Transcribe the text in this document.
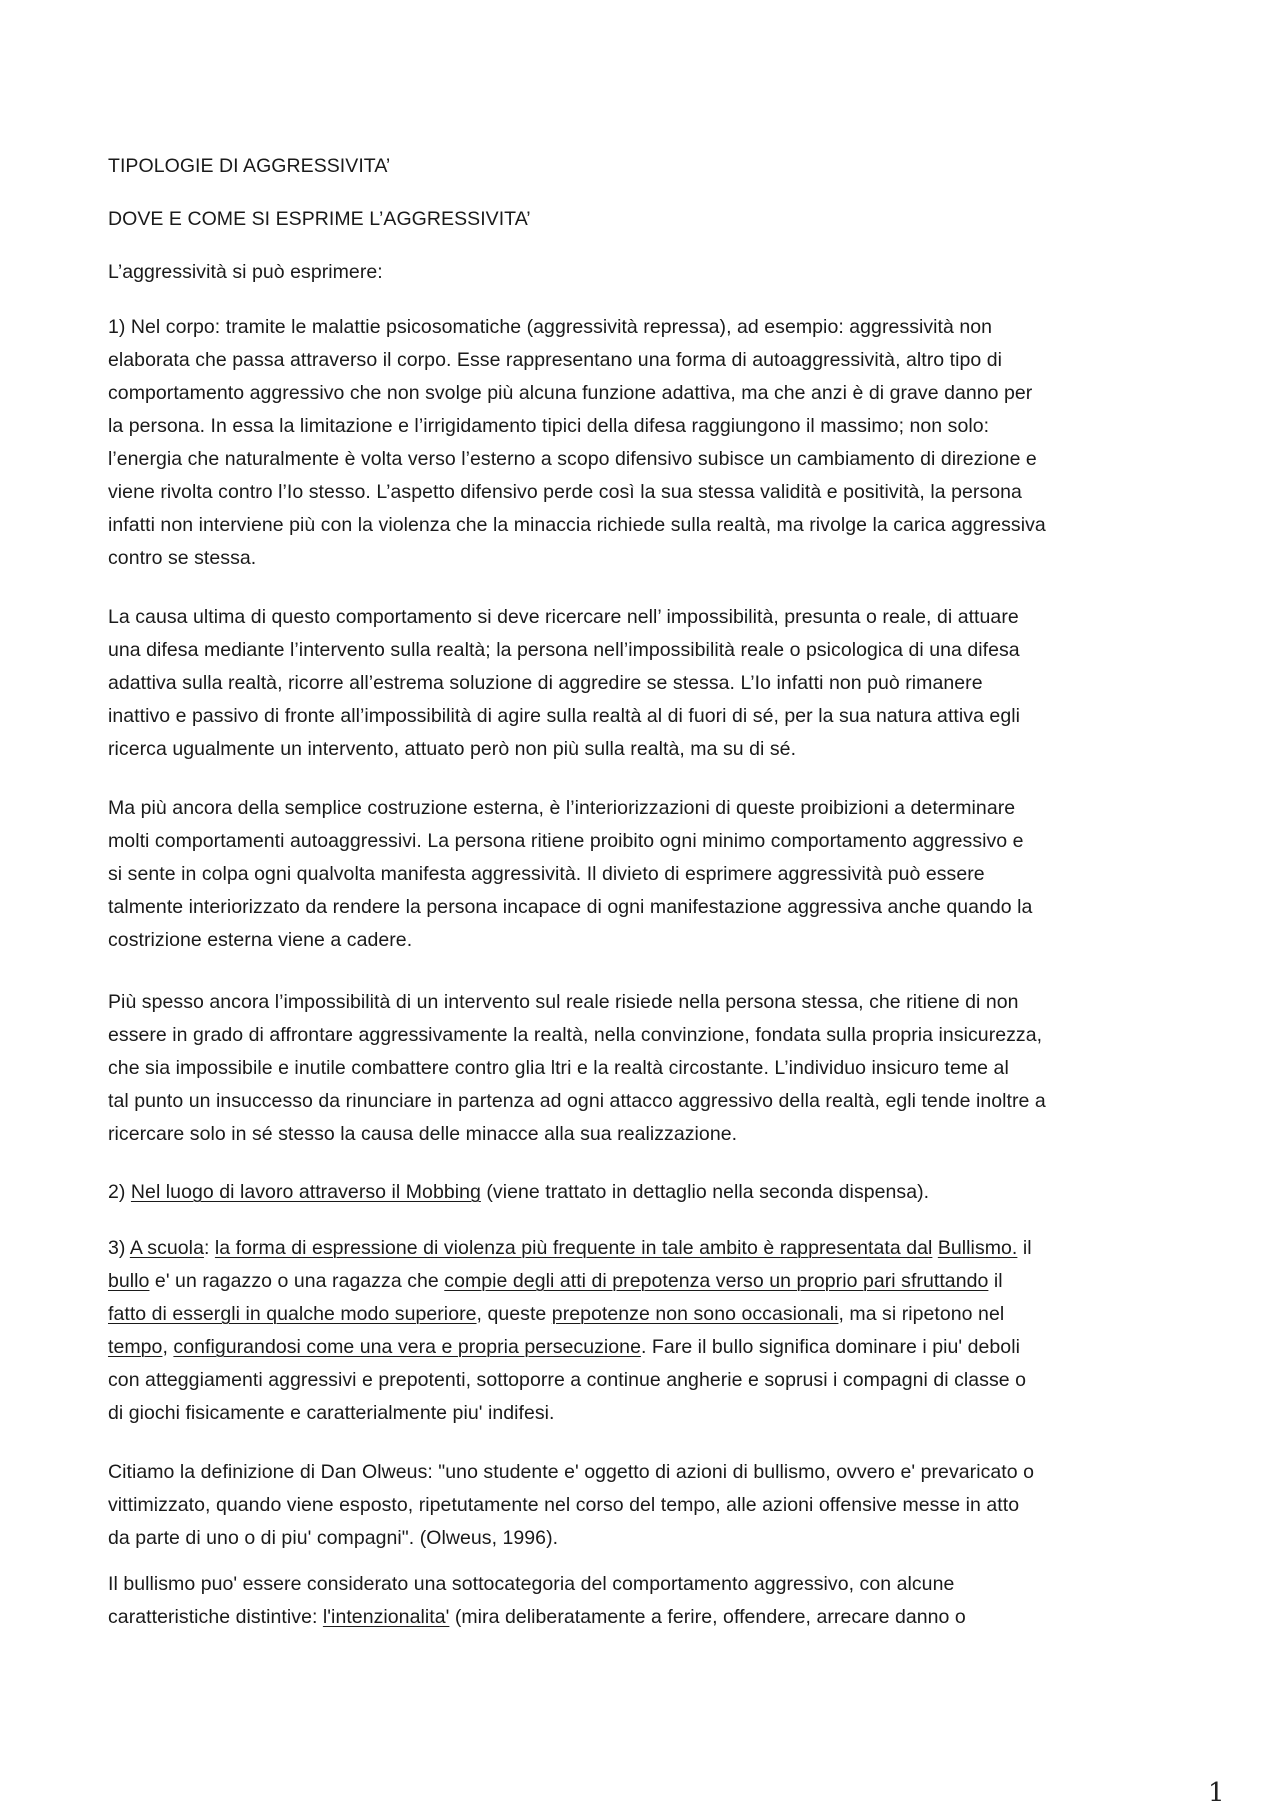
TIPOLOGIE DI AGGRESSIVITA’
DOVE E COME SI ESPRIME L’AGGRESSIVITA’
L’aggressività si può esprimere:
1) Nel corpo: tramite le malattie psicosomatiche (aggressività repressa), ad esempio: aggressività non
elaborata che passa attraverso il corpo. Esse rappresentano una forma di autoaggressività, altro tipo di
comportamento aggressivo che non svolge più alcuna funzione adattiva, ma che anzi è di grave danno per
la persona. In essa la limitazione e l’irrigidamento tipici della difesa raggiungono il massimo; non solo:
l’energia che naturalmente è volta verso l’esterno a scopo difensivo subisce un cambiamento di direzione e
viene rivolta contro l’Io stesso. L’aspetto difensivo perde così la sua stessa validità e positività, la persona
infatti non interviene più con la violenza che la minaccia richiede sulla realtà, ma rivolge la carica aggressiva
contro se stessa.
La causa ultima di questo comportamento si deve ricercare nell’ impossibilità, presunta o reale, di attuare
una difesa mediante l’intervento sulla realtà; la persona nell’impossibilità reale o psicologica di una difesa
adattiva sulla realtà, ricorre all’estrema soluzione di aggredire se stessa. L’Io infatti non può rimanere
inattivo e passivo di fronte all’impossibilità di agire sulla realtà al di fuori di sé, per la sua natura attiva egli
ricerca ugualmente un intervento, attuato però non più sulla realtà, ma su di sé.
Ma più ancora della semplice costruzione esterna, è l’interiorizzazioni di queste proibizioni a determinare
molti comportamenti autoaggressivi. La persona ritiene proibito ogni minimo comportamento aggressivo e
si sente in colpa ogni qualvolta manifesta aggressività. Il divieto di esprimere aggressività può essere
talmente interiorizzato da rendere la persona incapace di ogni manifestazione aggressiva anche quando la
costrizione esterna viene a cadere.
Più spesso ancora l’impossibilità di un intervento sul reale risiede nella persona stessa, che ritiene di non
essere in grado di affrontare aggressivamente la realtà, nella convinzione, fondata sulla propria insicurezza,
che sia impossibile e inutile combattere contro glia ltri e la realtà circostante. L’individuo insicuro teme al
tal punto un insuccesso da rinunciare in partenza ad ogni attacco aggressivo della realtà, egli tende inoltre a
ricercare solo in sé stesso la causa delle minacce alla sua realizzazione.
2) Nel luogo di lavoro attraverso il Mobbing (viene trattato in dettaglio nella seconda dispensa).
3) A scuola: la forma di espressione di violenza più frequente in tale ambito è rappresentata dal Bullismo. il
bullo e' un ragazzo o una ragazza che compie degli atti di prepotenza verso un proprio pari sfruttando il
fatto di essergli in qualche modo superiore, queste prepotenze non sono occasionali, ma si ripetono nel
tempo, configurandosi come una vera e propria persecuzione. Fare il bullo significa dominare i piu' deboli
con atteggiamenti aggressivi e prepotenti, sottoporre a continue angherie e soprusi i compagni di classe o
di giochi fisicamente e caratterialmente piu' indifesi.
Citiamo la definizione di Dan Olweus: "uno studente e' oggetto di azioni di bullismo, ovvero e' prevaricato o
vittimizzato, quando viene esposto, ripetutamente nel corso del tempo, alle azioni offensive messe in atto
da parte di uno o di piu' compagni". (Olweus, 1996).
Il bullismo puo' essere considerato una sottocategoria del comportamento aggressivo, con alcune
caratteristiche distintive: l'intenzionalita' (mira deliberatamente a ferire, offendere, arrecare danno o
1
